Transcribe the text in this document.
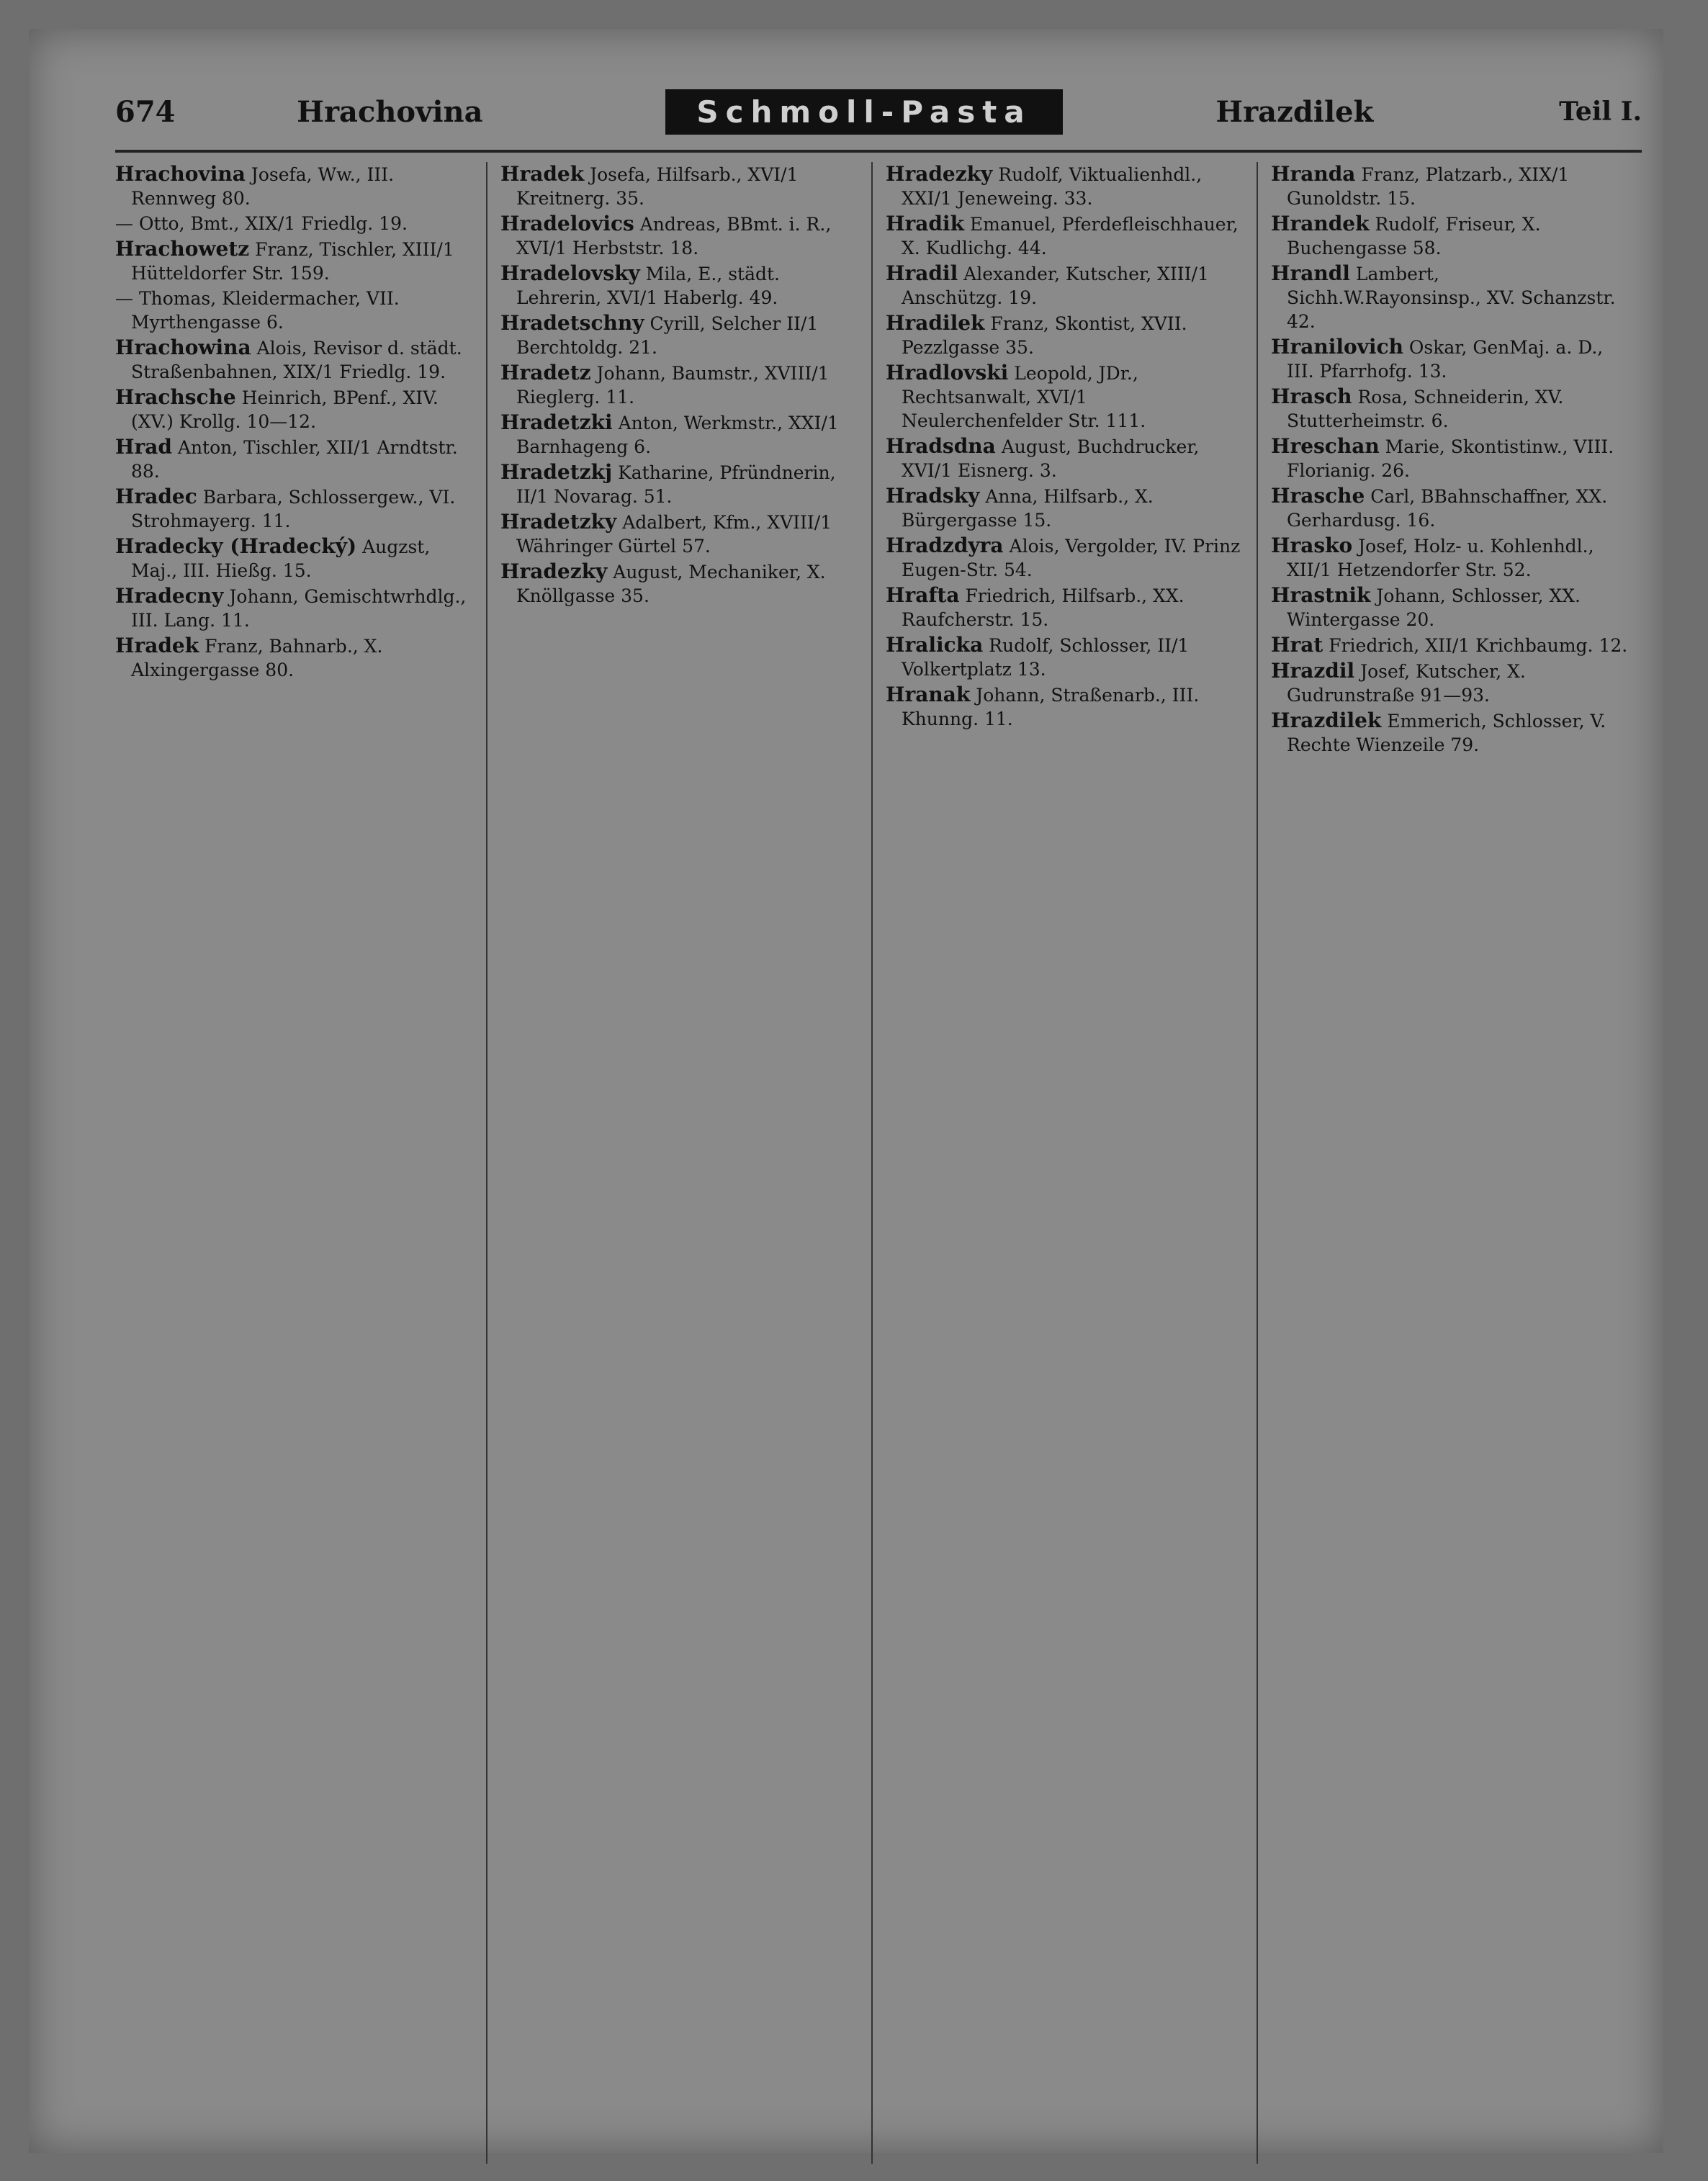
674	Hrachovina	Schmoll-Pasta	Hrazdilek	Teil I.
Hrachovina Josefa, Ww., III. Rennweg 80.
— Otto, Bmt., XIX/1 Friedlg. 19.
Hrachowetz Franz, Tischler, XIII/1 Hütteldorfer Str. 159.
— Thomas, Kleidermacher, VII. Myrthengasse 6.
Hrachowina Alois, Revisor d. städt. Straßenbahnen, XIX/1 Friedlg. 19.
Hrachsche Heinrich, BPenf., XIV. (XV.) Krollg. 10—12.
Hrad Anton, Tischler, XII/1 Arndtstr. 88.
Hradec Barbara, Schlossergew., VI. Strohmayerg. 11.
Hradecky (Hradecký) Augzst, Maj., III. Hießg. 15.
Hradecny Johann, Gemischtwrhdlg., III. Lang. 11.
Hradek Franz, Bahnarb., X. Alxingergasse 80.
Hradek Josefa, Hilfsarb., XVI/1 Kreitnerg. 35.
Hradelovics Andreas, BBmt. i. R., XVI/1 Herbststr. 18.
Hradelovsky Mila, E., städt. Lehrerin, XVI/1 Haberlg. 49.
Hradetschny Cyrill, Selcher II/1 Berchtoldg. 21.
Hradetz Johann, Baumstr., XVIII/1 Rieglerg. 11.
Hradetzki Anton, Werkmstr., XXI/1 Barnhageng 6.
Hradetzkj Katharine, Pfründnerin, II/1 Novarag. 51.
Hradetzky Adalbert, Kfm., XVIII/1 Währinger Gürtel 57.
Hradezky August, Mechaniker, X. Knöllgasse 35.
Hradezky Rudolf, Viktualienhdl., XXI/1 Jeneweing. 33.
Hradik Emanuel, Pferdefleischhauer, X. Kudlichg. 44.
Hradil Alexander, Kutscher, XIII/1 Anschützg. 19.
Hradilek Franz, Skontist, XVII. Pezzlgasse 35.
Hradlovski Leopold, JDr., Rechtsanwalt, XVI/1 Neulerchenfelder Str. 111.
Hradsdna August, Buchdrucker, XVI/1 Eisnerg. 3.
Hradsky Anna, Hilfsarb., X. Bürgergasse 15.
Hradzdyra Alois, Vergolder, IV. Prinz Eugen-Str. 54.
Hrafta Friedrich, Hilfsarb., XX. Raufcherstr. 15.
Hralicka Rudolf, Schlosser, II/1 Volkertplatz 13.
Hranak Johann, Straßenarb., III. Khunng. 11.
Hranda Franz, Platzarb., XIX/1 Gunoldstr. 15.
Hrandek Rudolf, Friseur, X. Buchengasse 58.
Hrandl Lambert, Sichh.W.Rayonsinsp., XV. Schanzstr. 42.
Hranilovich Oskar, GenMaj. a. D., III. Pfarrhofg. 13.
Hrasch Rosa, Schneiderin, XV. Stutterheimstr. 6.
Hreschan Marie, Skontistinw., VIII. Florianig. 26.
Hrasche Carl, BBahnschaffner, XX. Gerhardusg. 16.
Hrasko Josef, Holz- u. Kohlenhdl., XII/1 Hetzendorfer Str. 52.
Hrastnik Johann, Schlosser, XX. Wintergasse 20.
Hrat Friedrich, XII/1 Krichbaumg. 12.
Hrazdil Josef, Kutscher, X. Gudrunstraße 91—93.
Hrazdilek Emmerich, Schlosser, V. Rechte Wienzeile 79.
